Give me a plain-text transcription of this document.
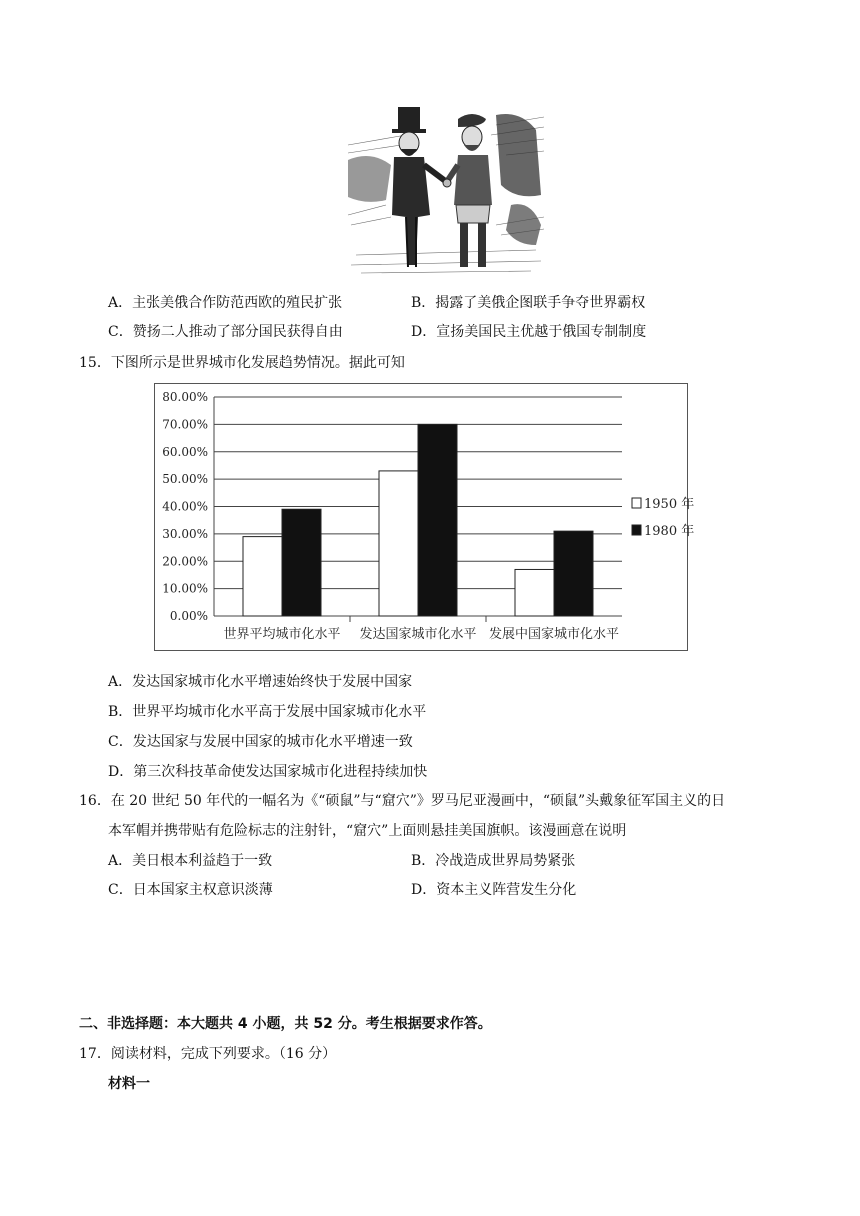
A．主张美俄合作防范西欧的殖民扩张	B．揭露了美俄企图联手争夺世界霸权
C．赞扬二人推动了部分国民获得自由	D．宣扬美国民主优越于俄国专制制度
15．下图所示是世界城市化发展趋势情况。据此可知
0.00%
10.00%
20.00%
30.00%
40.00%
50.00%
60.00%
70.00%
80.00%
世界平均城市化水平 发达国家城市化水平 发展中国家城市化水平
1950 年
1980 年
A．发达国家城市化水平增速始终快于发展中国家
B．世界平均城市化水平高于发展中国家城市化水平
C．发达国家与发展中国家的城市化水平增速一致
D．第三次科技革命使发达国家城市化进程持续加快
16．在 20 世纪 50 年代的一幅名为《“硕鼠”与“窟穴”》罗马尼亚漫画中，“硕鼠”头戴象征军国主义的日
本军帽并携带贴有危险标志的注射针，“窟穴”上面则悬挂美国旗帜。该漫画意在说明
A．美日根本利益趋于一致	B．冷战造成世界局势紧张
C．日本国家主权意识淡薄	D．资本主义阵营发生分化
二、非选择题：本大题共 4 小题，共 52 分。考生根据要求作答。
17．阅读材料，完成下列要求。（16 分）
材料一
